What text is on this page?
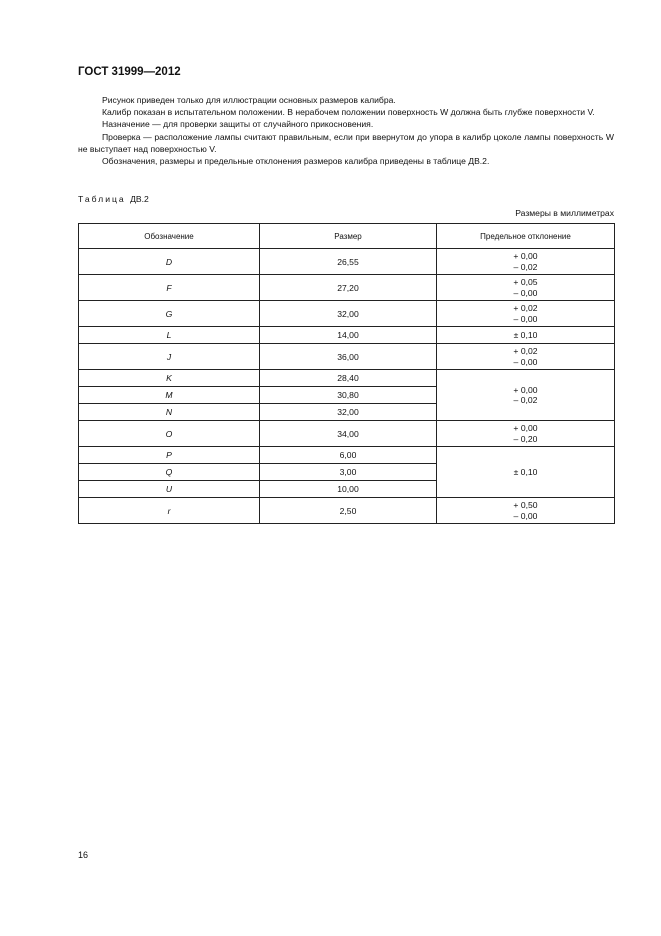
ГОСТ 31999—2012

Рисунок приведен только для иллюстрации основных размеров калибра.

Калибр показан в испытательном положении. В нерабочем положении поверхность W должна быть глубже поверхности V.

Назначение — для проверки защиты от случайного прикосновения.

Проверка — расположение лампы считают правильным, если при ввернутом до упора в калибр цоколе лампы поверхность W не выступает над поверхностью V.

Обозначения, размеры и предельные отклонения размеров калибра приведены в таблице ДВ.2.

Таблица ДВ.2
Размеры в миллиметрах
Обозначение	Размер	Предельное отклонение
D	26,55	+ 0,00
– 0,02

F	27,20	+ 0,05
– 0,00

G	32,00	+ 0,02
– 0,00

L	14,00	± 0,10
J	36,00	+ 0,02
– 0,00

K	28,40	+ 0,00
– 0,02

M	30,80	
N	32,00	
O	34,00	+ 0,00
– 0,20

P	6,00	± 0,10
Q	3,00	
U	10,00	
r	2,50	+ 0,50
– 0,00
16
